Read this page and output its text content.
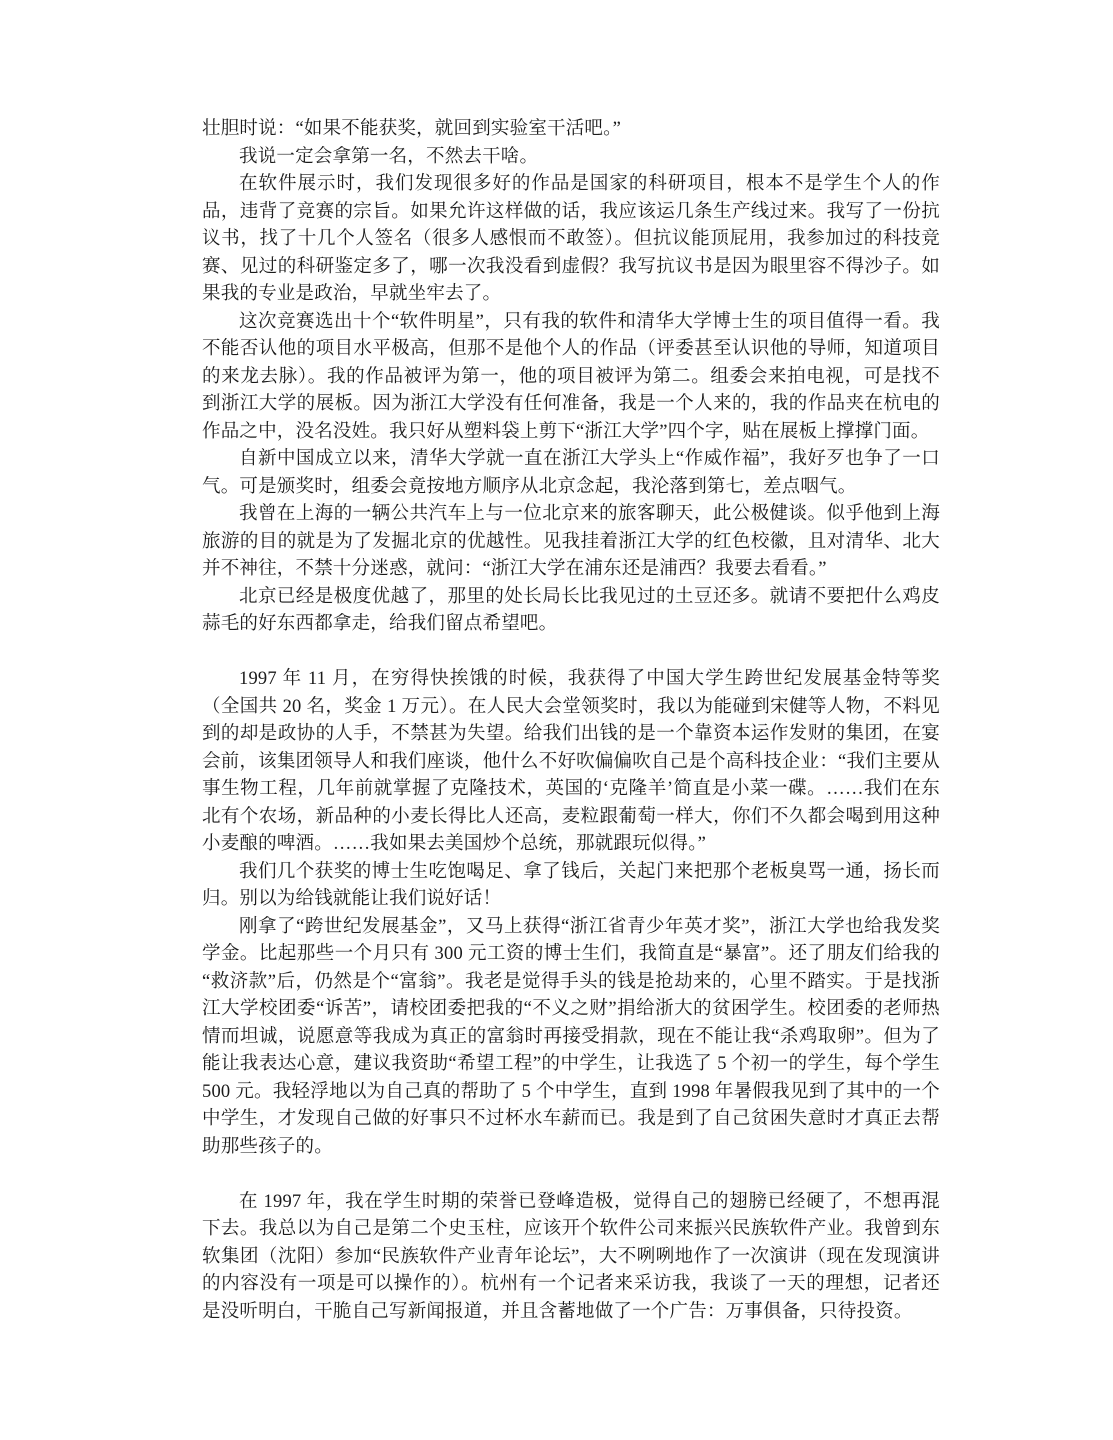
壮胆时说：“如果不能获奖，就回到实验室干活吧。”

我说一定会拿第一名，不然去干啥。

在软件展示时，我们发现很多好的作品是国家的科研项目，根本不是学生个人的作品，违背了竞赛的宗旨。如果允许这样做的话，我应该运几条生产线过来。我写了一份抗议书，找了十几个人签名（很多人感恨而不敢签）。但抗议能顶屁用，我参加过的科技竞赛、见过的科研鉴定多了，哪一次我没看到虚假？我写抗议书是因为眼里容不得沙子。如果我的专业是政治，早就坐牢去了。

这次竞赛选出十个“软件明星”，只有我的软件和清华大学博士生的项目值得一看。我不能否认他的项目水平极高，但那不是他个人的作品（评委甚至认识他的导师，知道项目的来龙去脉）。我的作品被评为第一，他的项目被评为第二。组委会来拍电视，可是找不到浙江大学的展板。因为浙江大学没有任何准备，我是一个人来的，我的作品夹在杭电的作品之中，没名没姓。我只好从塑料袋上剪下“浙江大学”四个字，贴在展板上撑撑门面。

自新中国成立以来，清华大学就一直在浙江大学头上“作威作福”，我好歹也争了一口气。可是颁奖时，组委会竟按地方顺序从北京念起，我沦落到第七，差点咽气。

我曾在上海的一辆公共汽车上与一位北京来的旅客聊天，此公极健谈。似乎他到上海旅游的目的就是为了发掘北京的优越性。见我挂着浙江大学的红色校徽，且对清华、北大并不神往，不禁十分迷惑，就问：“浙江大学在浦东还是浦西？我要去看看。”

北京已经是极度优越了，那里的处长局长比我见过的土豆还多。就请不要把什么鸡皮蒜毛的好东西都拿走，给我们留点希望吧。

1997 年 11 月，在穷得快挨饿的时候，我获得了中国大学生跨世纪发展基金特等奖（全国共 20 名，奖金 1 万元）。在人民大会堂领奖时，我以为能碰到宋健等人物，不料见到的却是政协的人手，不禁甚为失望。给我们出钱的是一个靠资本运作发财的集团，在宴会前，该集团领导人和我们座谈，他什么不好吹偏偏吹自己是个高科技企业：“我们主要从事生物工程，几年前就掌握了克隆技术，英国的‘克隆羊’简直是小菜一碟。……我们在东北有个农场，新品种的小麦长得比人还高，麦粒跟葡萄一样大，你们不久都会喝到用这种小麦酿的啤酒。……我如果去美国炒个总统，那就跟玩似得。”

我们几个获奖的博士生吃饱喝足、拿了钱后，关起门来把那个老板臭骂一通，扬长而归。别以为给钱就能让我们说好话！

刚拿了“跨世纪发展基金”，又马上获得“浙江省青少年英才奖”，浙江大学也给我发奖学金。比起那些一个月只有 300 元工资的博士生们，我简直是“暴富”。还了朋友们给我的“救济款”后，仍然是个“富翁”。我老是觉得手头的钱是抢劫来的，心里不踏实。于是找浙江大学校团委“诉苦”，请校团委把我的“不义之财”捐给浙大的贫困学生。校团委的老师热情而坦诚，说愿意等我成为真正的富翁时再接受捐款，现在不能让我“杀鸡取卵”。但为了能让我表达心意，建议我资助“希望工程”的中学生，让我选了 5 个初一的学生，每个学生 500 元。我轻浮地以为自己真的帮助了 5 个中学生，直到 1998 年暑假我见到了其中的一个中学生，才发现自己做的好事只不过杯水车薪而已。我是到了自己贫困失意时才真正去帮助那些孩子的。

在 1997 年，我在学生时期的荣誉已登峰造极，觉得自己的翅膀已经硬了，不想再混下去。我总以为自己是第二个史玉柱，应该开个软件公司来振兴民族软件产业。我曾到东软集团（沈阳）参加“民族软件产业青年论坛”，大不咧咧地作了一次演讲（现在发现演讲的内容没有一项是可以操作的）。杭州有一个记者来采访我，我谈了一天的理想，记者还是没听明白，干脆自己写新闻报道，并且含蓄地做了一个广告：万事俱备，只待投资。
